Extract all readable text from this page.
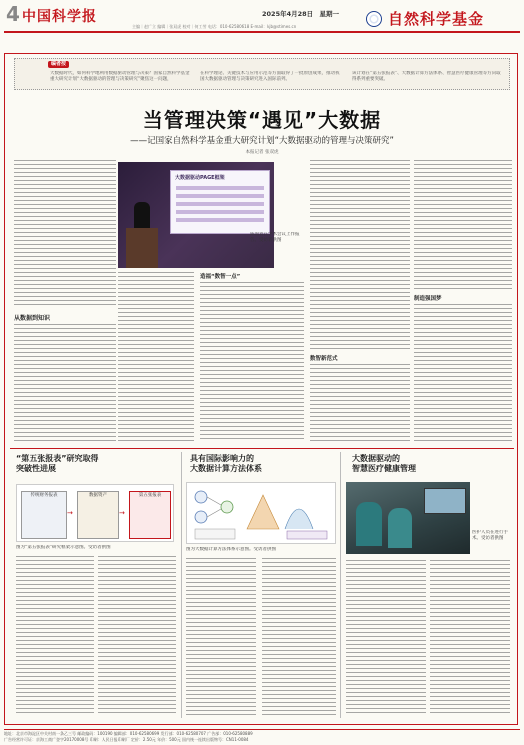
4 中国科学报	2025年4月28日 星期一
主编｜赵广立 编辑｜张双虎 校对｜何工劳 电话：010-62580618 E-mail：kjb@stimes.cn	自然科学基金
编者按
大数据时代，如何科学地利用数据驱动管理与决策？国家自然科学基金重大研究计划“大数据驱动的管理与决策研究”聚焦这一问题，
在科学理论、关键技术与应用示范等方面取得了一批原创成果，推动我国大数据驱动管理与决策研究进入国际前列。
该计划在“第五张报表”、大数据计算方法体系、智慧医疗健康管理等方向取得系列重要突破。
当管理决策“遇见”大数据
——记国家自然科学基金重大研究计划“大数据驱动的管理与决策研究”
本报记者 张双虎
从数据到知识
大数据驱动PAGE框架
陈国青在学术会议上作报告。受访者供图
造福“数智一点”
数智新范式
制造强国梦
“第五张报表”研究取得
突破性进展
传统财务报表
→
数据资产
→
第五张报表
图为“第五张报表”研究框架示意图。受访者供图
具有国际影响力的
大数据计算方法体系
图为大数据计算方法体系示意图。受访者供图
大数据驱动的
智慧医疗健康管理
医护人员在进行手术。受访者供图
地址：北京市海淀区中关村南一条乙三号 邮政编码：100190 编辑部：010-62580699 发行部：010-62580707 广告部：010-62580889
广告经营许可证：京海工商广登字20170008号 印刷：人民日报印刷厂 定价：2.50元 年价：500元 国内统一连续出版物号：CN11-0084
